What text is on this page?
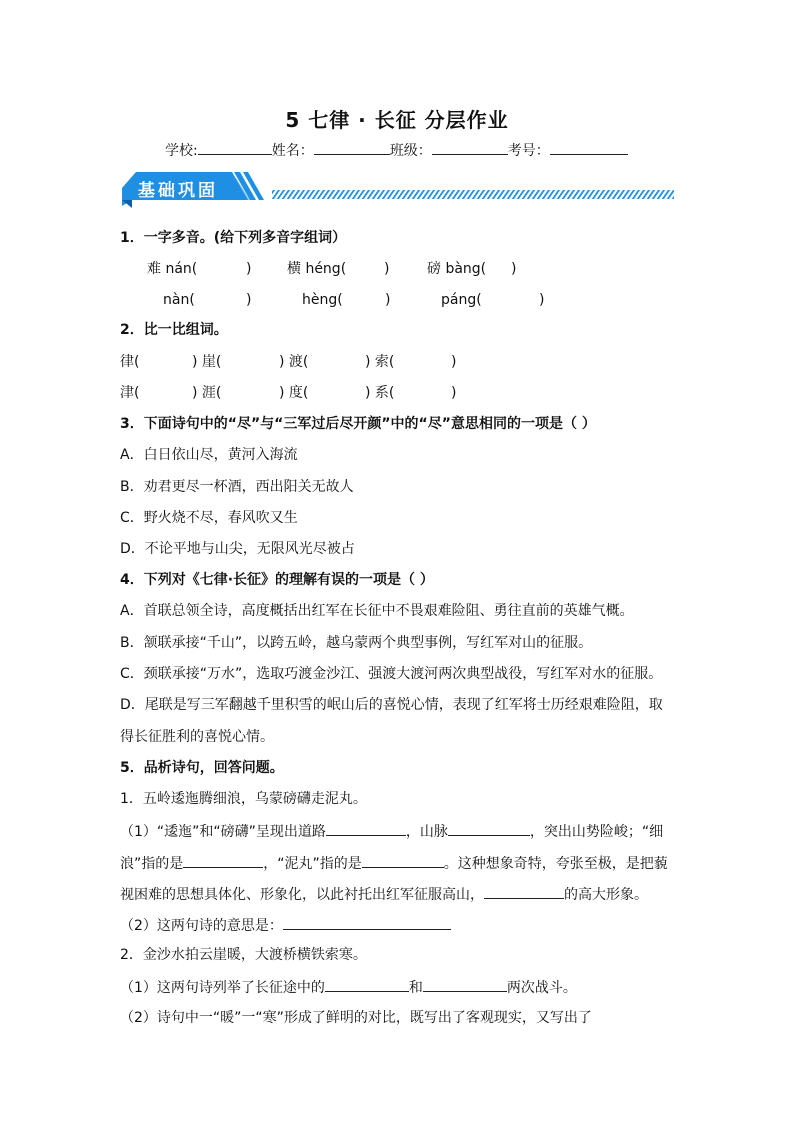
5 七律 · 长征 分层作业
学校:	姓名：	班级：	考号：
基础巩固
1．一字多音。(给下列多音字组词）
难 nán(	)	横 héng(	)	磅 bàng( )
nàn(	)	hèng(	)	páng(	)
2．比一比组词。
律(	) 崖(	) 渡(	) 索(	)
津(	) 涯(	) 度(	) 系(	)
3．下面诗句中的“尽”与“三军过后尽开颜”中的“尽”意思相同的一项是（ ）
A．白日依山尽，黄河入海流
B．劝君更尽一杯酒，西出阳关无故人
C．野火烧不尽，春风吹又生
D．不论平地与山尖，无限风光尽被占
4．下列对《七律·长征》的理解有误的一项是（ ）
A．首联总领全诗，高度概括出红军在长征中不畏艰难险阻、勇往直前的英雄气概。
B．颔联承接“千山”，以跨五岭，越乌蒙两个典型事例，写红军对山的征服。
C．颈联承接“万水”，选取巧渡金沙江、强渡大渡河两次典型战役，写红军对水的征服。
D．尾联是写三军翻越千里积雪的岷山后的喜悦心情，表现了红军将士历经艰难险阻，取
得长征胜利的喜悦心情。
5．品析诗句，回答问题。
1．五岭逶迤腾细浪，乌蒙磅礴走泥丸。
（1）“逶迤”和“磅礴”呈现出道路	，山脉	，突出山势险峻；“细
浪”指的是	，“泥丸”指的是	。这种想象奇特，夸张至极，是把藐
视困难的思想具体化、形象化，以此衬托出红军征服高山，	的高大形象。
（2）这两句诗的意思是：
2．金沙水拍云崖暖，大渡桥横铁索寒。
（1）这两句诗列举了长征途中的	和	两次战斗。
（2）诗句中一“暖”一“寒”形成了鲜明的对比，既写出了客观现实，又写出了
